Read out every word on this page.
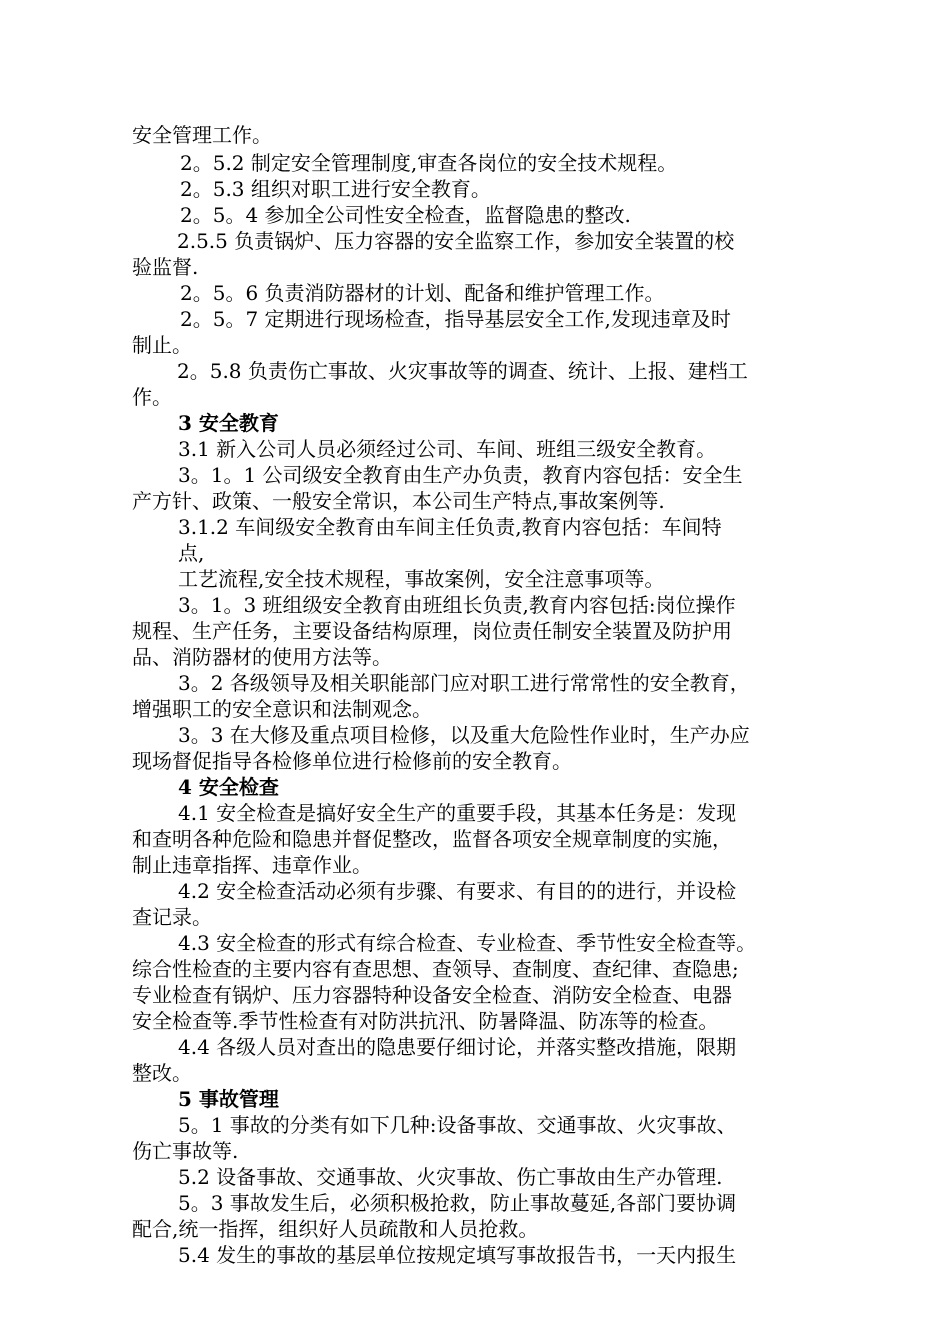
安全管理工作。
2。5.2 制定安全管理制度,审查各岗位的安全技术规程。
2。5.3 组织对职工进行安全教育。
2。5。4 参加全公司性安全检查，监督隐患的整改.
2.5.5 负责锅炉、压力容器的安全监察工作，参加安全装置的校
验监督.
2。5。6 负责消防器材的计划、配备和维护管理工作。
2。5。7 定期进行现场检查，指导基层安全工作,发现违章及时
制止。
2。5.8 负责伤亡事故、火灾事故等的调查、统计、上报、建档工
作。
3 安全教育
3.1 新入公司人员必须经过公司、车间、班组三级安全教育。
3。1。1 公司级安全教育由生产办负责，教育内容包括：安全生
产方针、政策、一般安全常识，本公司生产特点,事故案例等.
3.1.2 车间级安全教育由车间主任负责,教育内容包括：车间特
点,
工艺流程,安全技术规程，事故案例，安全注意事项等。
3。1。3 班组级安全教育由班组长负责,教育内容包括:岗位操作
规程、生产任务，主要设备结构原理，岗位责任制安全装置及防护用
品、消防器材的使用方法等。
3。2 各级领导及相关职能部门应对职工进行常常性的安全教育，
增强职工的安全意识和法制观念。
3。3 在大修及重点项目检修，以及重大危险性作业时，生产办应
现场督促指导各检修单位进行检修前的安全教育。
4 安全检查
4.1 安全检查是搞好安全生产的重要手段，其基本任务是：发现
和查明各种危险和隐患并督促整改，监督各项安全规章制度的实施，
制止违章指挥、违章作业。
4.2 安全检查活动必须有步骤、有要求、有目的的进行，并设检
查记录。
4.3 安全检查的形式有综合检查、专业检查、季节性安全检查等。
综合性检查的主要内容有查思想、查领导、查制度、查纪律、查隐患;
专业检查有锅炉、压力容器特种设备安全检查、消防安全检查、电器
安全检查等.季节性检查有对防洪抗汛、防暑降温、防冻等的检查。
4.4 各级人员对查出的隐患要仔细讨论，并落实整改措施，限期
整改。
5 事故管理
5。1 事故的分类有如下几种:设备事故、交通事故、火灾事故、
伤亡事故等.
5.2 设备事故、交通事故、火灾事故、伤亡事故由生产办管理.
5。3 事故发生后，必须积极抢救，防止事故蔓延,各部门要协调
配合,统一指挥，组织好人员疏散和人员抢救。
5.4 发生的事故的基层单位按规定填写事故报告书，一天内报生
